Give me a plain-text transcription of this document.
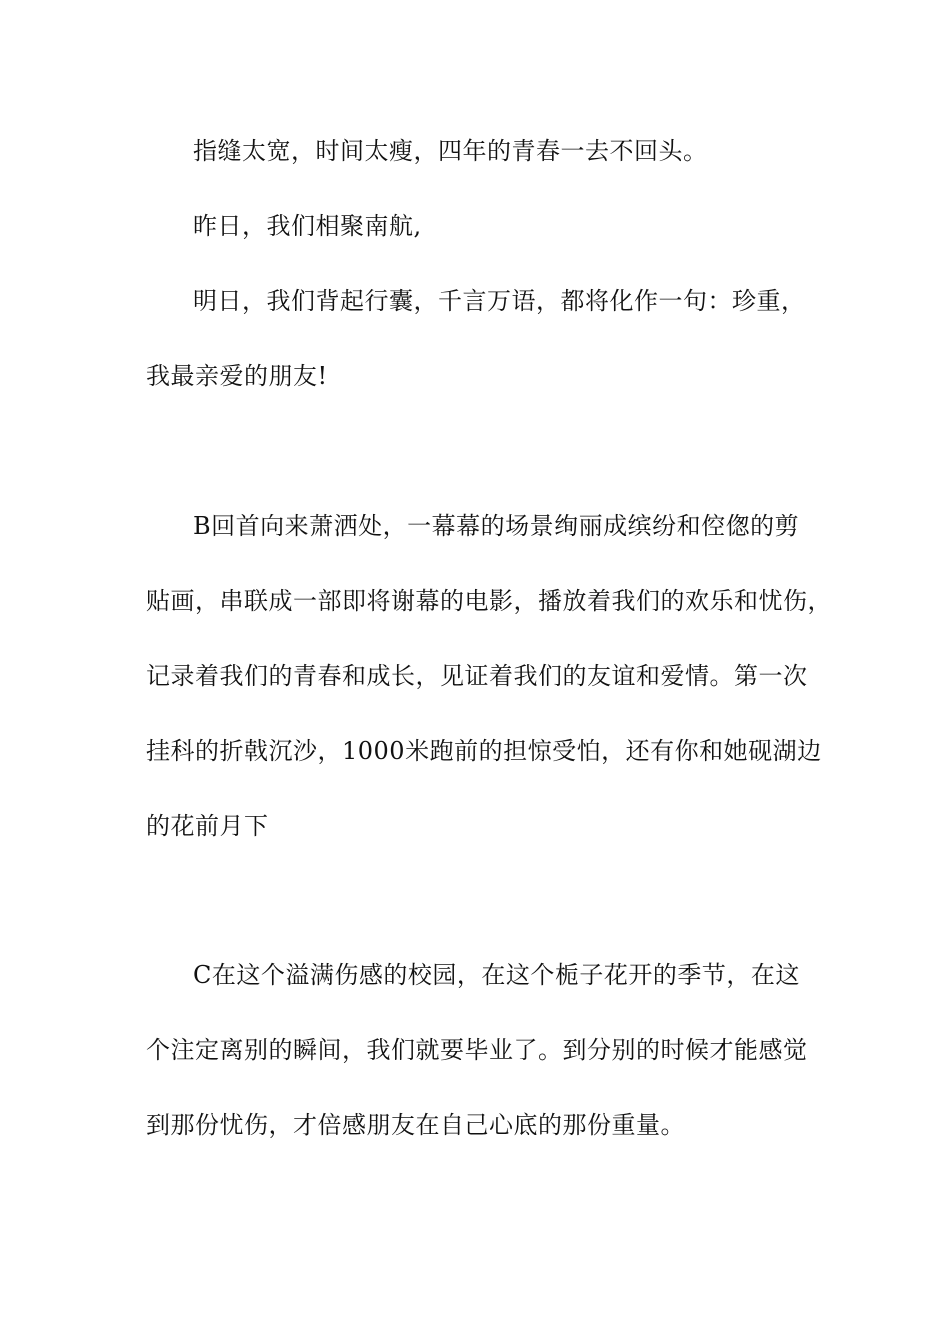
指缝太宽，时间太瘦，四年的青春一去不回头。
昨日，我们相聚南航,
明日，我们背起行囊，千言万语，都将化作一句：珍重，
我最亲爱的朋友!
B回首向来萧洒处，一幕幕的场景绚丽成缤纷和倥偬的剪
贴画，串联成一部即将谢幕的电影，播放着我们的欢乐和忧伤，
记录着我们的青春和成长，见证着我们的友谊和爱情。第一次
挂科的折戟沉沙，1000米跑前的担惊受怕，还有你和她砚湖边
的花前月下
C在这个溢满伤感的校园，在这个栀子花开的季节，在这
个注定离别的瞬间，我们就要毕业了。到分别的时候才能感觉
到那份忧伤，才倍感朋友在自己心底的那份重量。
